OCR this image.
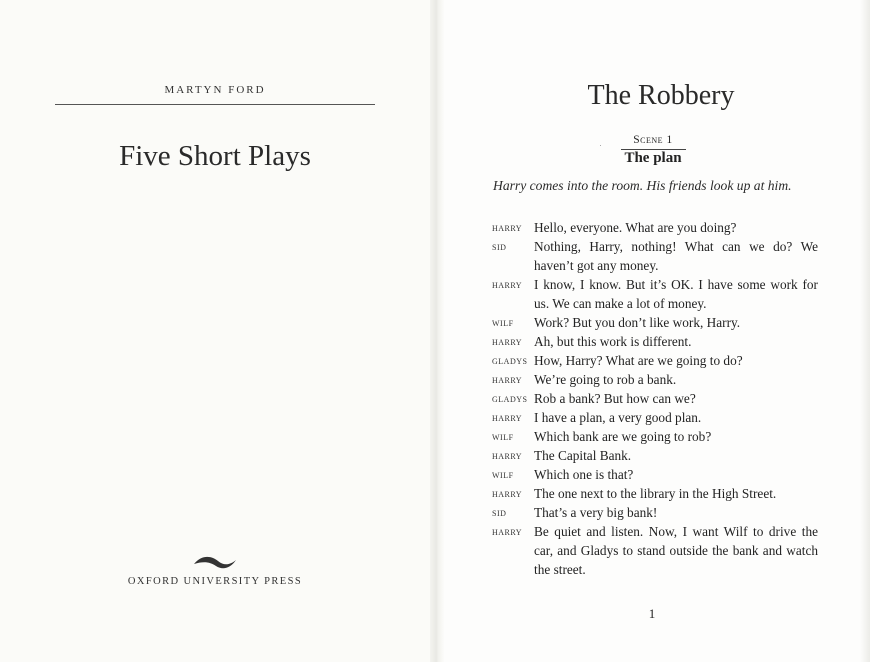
MARTYN FORD
Five Short Plays
OXFORD UNIVERSITY PRESS
The Robbery
Scene 1
The plan
Harry comes into the room. His friends look up at him.
HARRY Hello, everyone. What are you doing?
SID	Nothing, Harry, nothing! What can we do? We haven’t got any money.
HARRY I know, I know. But it’s OK. I have some work for us. We can make a lot of money.
WILF	Work? But you don’t like work, Harry.
HARRY Ah, but this work is different.
GLADYS How, Harry? What are we going to do?
HARRY We’re going to rob a bank.
GLADYS Rob a bank? But how can we?
HARRY I have a plan, a very good plan.
WILF	Which bank are we going to rob?
HARRY The Capital Bank.
WILF	Which one is that?
HARRY The one next to the library in the High Street.
SID	That’s a very big bank!
HARRY Be quiet and listen. Now, I want Wilf to drive the car, and Gladys to stand outside the bank and watch the street.
1
